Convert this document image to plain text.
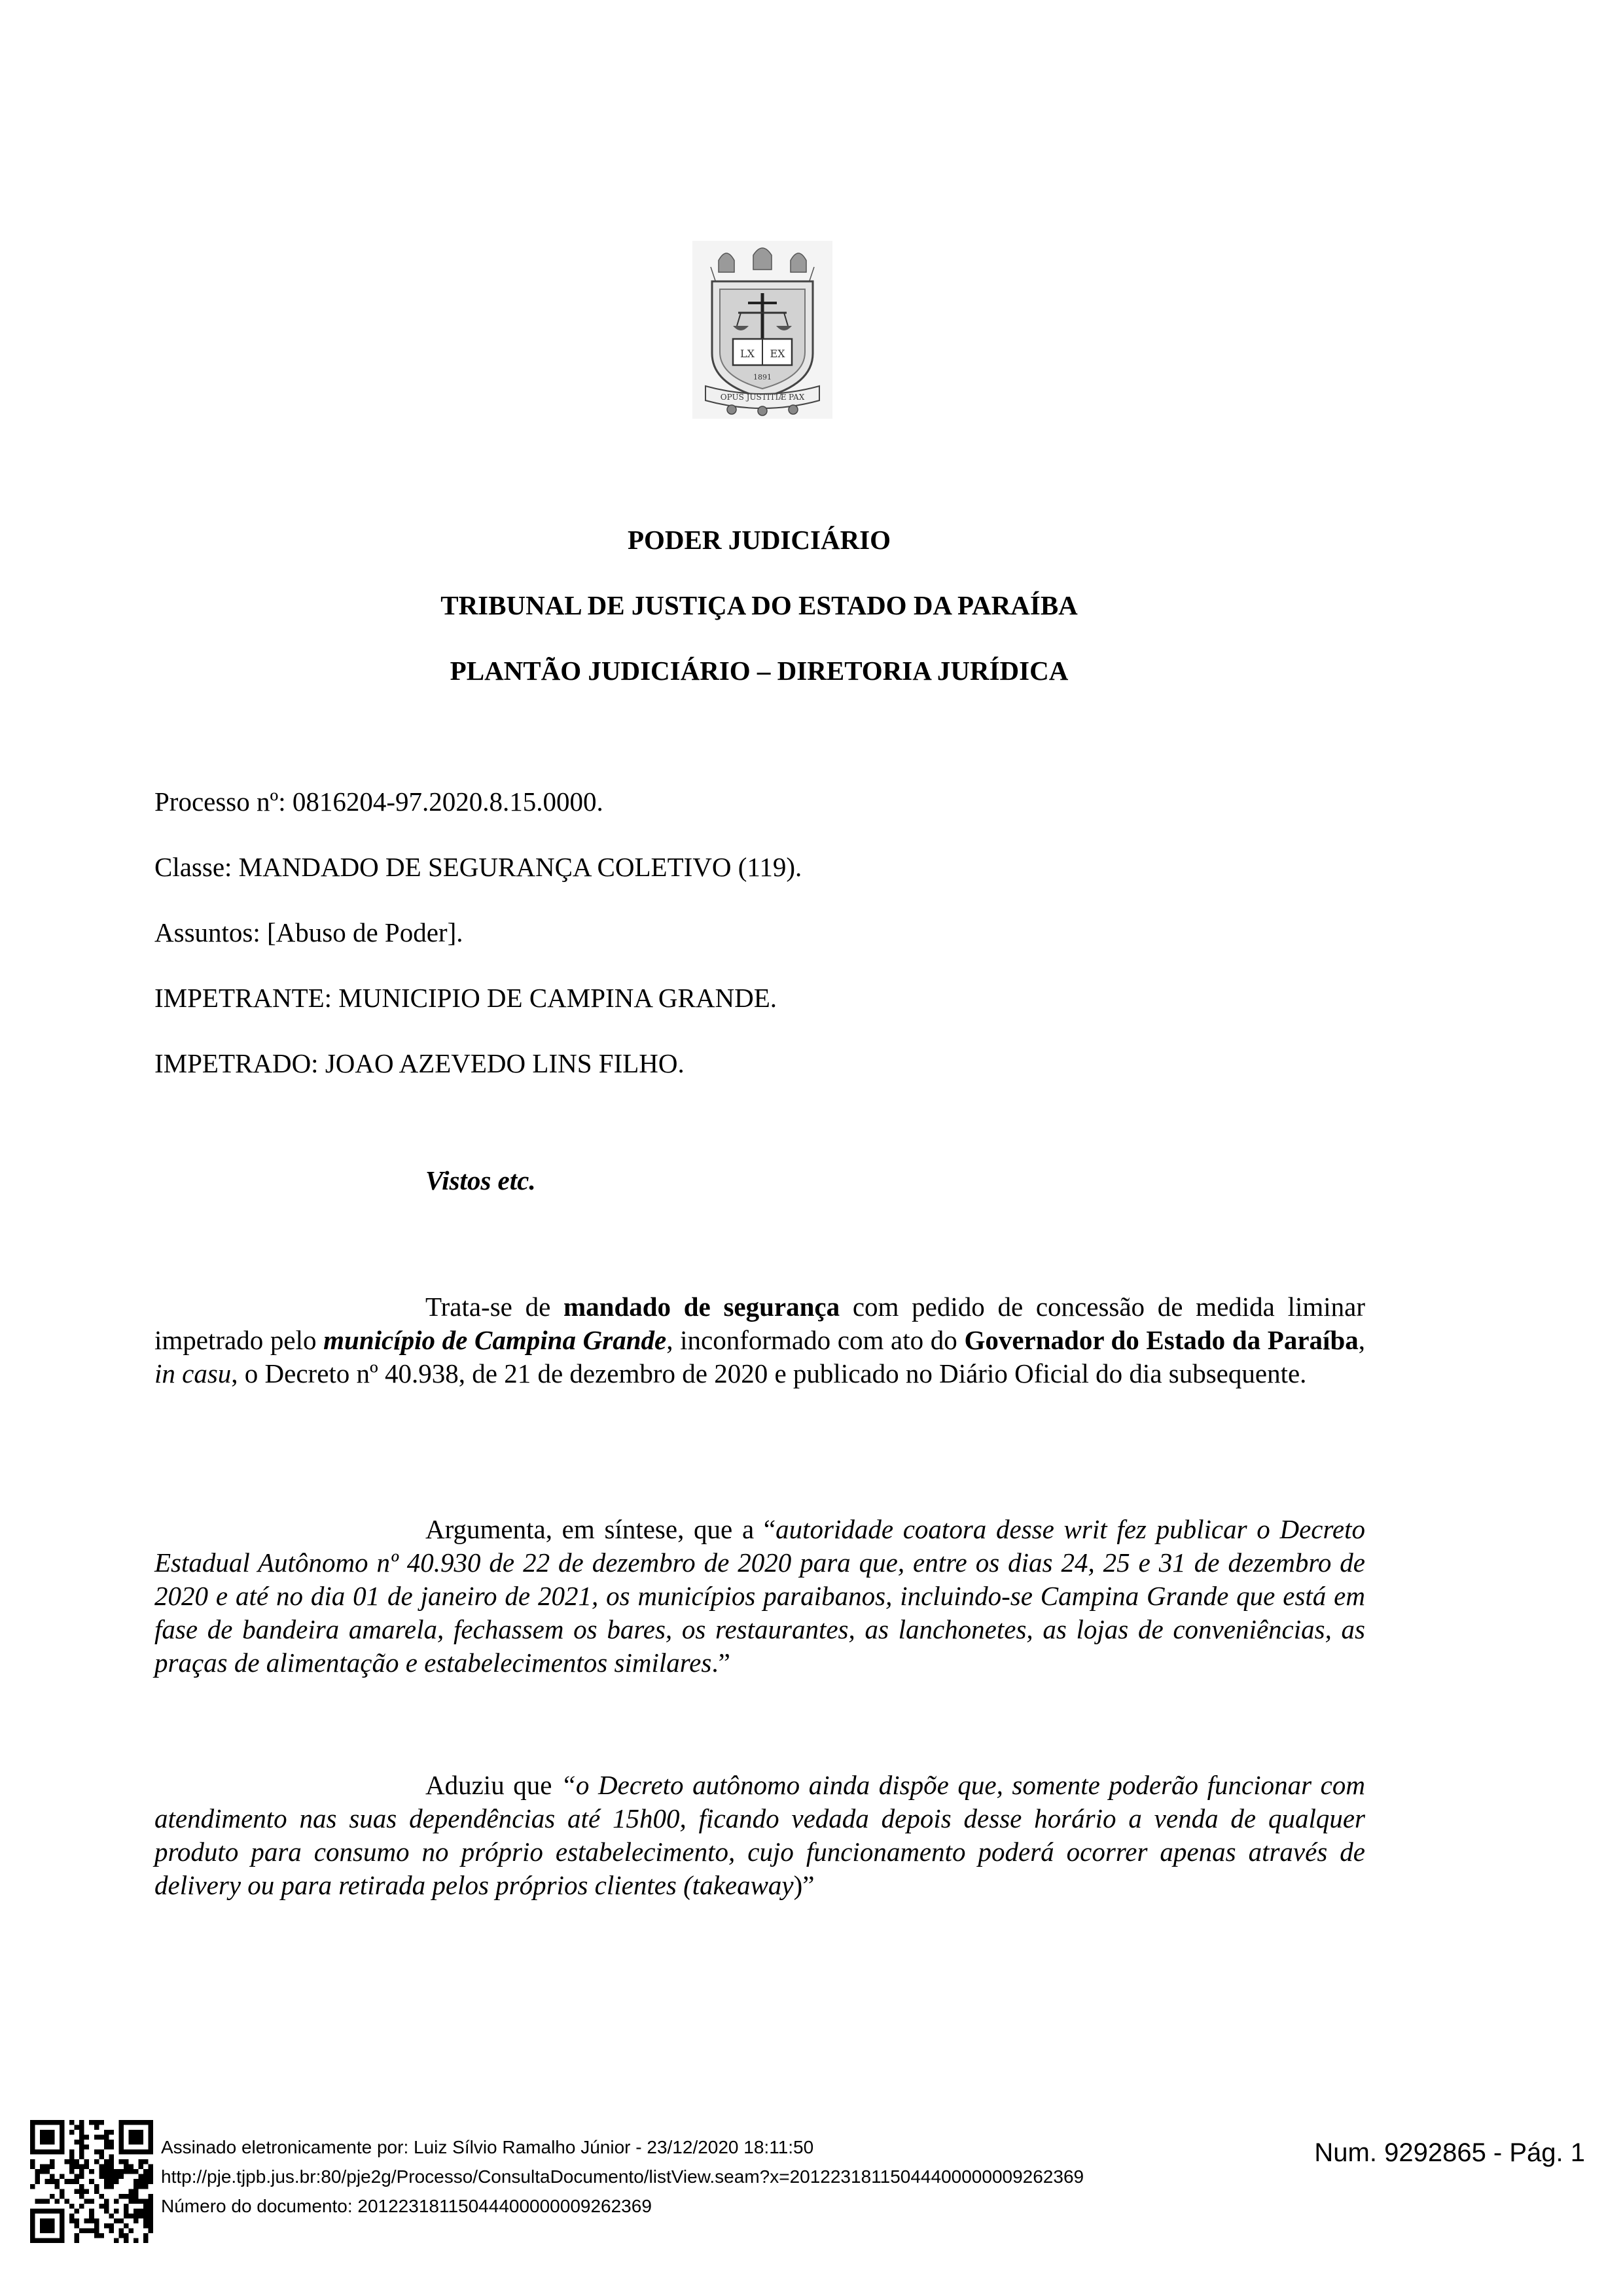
LX EX
1891
OPUS JUSTITIÆ PAX
PODER JUDICIÁRIO
TRIBUNAL DE JUSTIÇA DO ESTADO DA PARAÍBA
PLANTÃO JUDICIÁRIO – DIRETORIA JURÍDICA
Processo nº: 0816204-97.2020.8.15.0000.
Classe: MANDADO DE SEGURANÇA COLETIVO (119).
Assuntos: [Abuso de Poder].
IMPETRANTE: MUNICIPIO DE CAMPINA GRANDE.
IMPETRADO: JOAO AZEVEDO LINS FILHO.
Vistos etc.

Trata-se de mandado de segurança com pedido de concessão de medida liminar impetrado pelo município de Campina Grande, inconformado com ato do Governador do Estado da Paraíba, in casu, o Decreto nº 40.938, de 21 de dezembro de 2020 e publicado no Diário Oficial do dia subsequente.

Argumenta, em síntese, que a “autoridade coatora desse writ fez publicar o Decreto Estadual Autônomo nº 40.930 de 22 de dezembro de 2020 para que, entre os dias 24, 25 e 31 de dezembro de 2020 e até no dia 01 de janeiro de 2021, os municípios paraibanos, incluindo-se Campina Grande que está em fase de bandeira amarela, fechassem os bares, os restaurantes, as lanchonetes, as lojas de conveniências, as praças de alimentação e estabelecimentos similares.”

Aduziu que “o Decreto autônomo ainda dispõe que, somente poderão funcionar com atendimento nas suas dependências até 15h00, ficando vedada depois desse horário a venda de qualquer produto para consumo no próprio estabelecimento, cujo funcionamento poderá ocorrer apenas através de delivery ou para retirada pelos próprios clientes (takeaway)”

Assinado eletronicamente por: Luiz Sílvio Ramalho Júnior - 23/12/2020 18:11:50
http://pje.tjpb.jus.br:80/pje2g/Processo/ConsultaDocumento/listView.seam?x=20122318115044400000009262369
Número do documento: 20122318115044400000009262369
Num. 9292865 - Pág. 1
